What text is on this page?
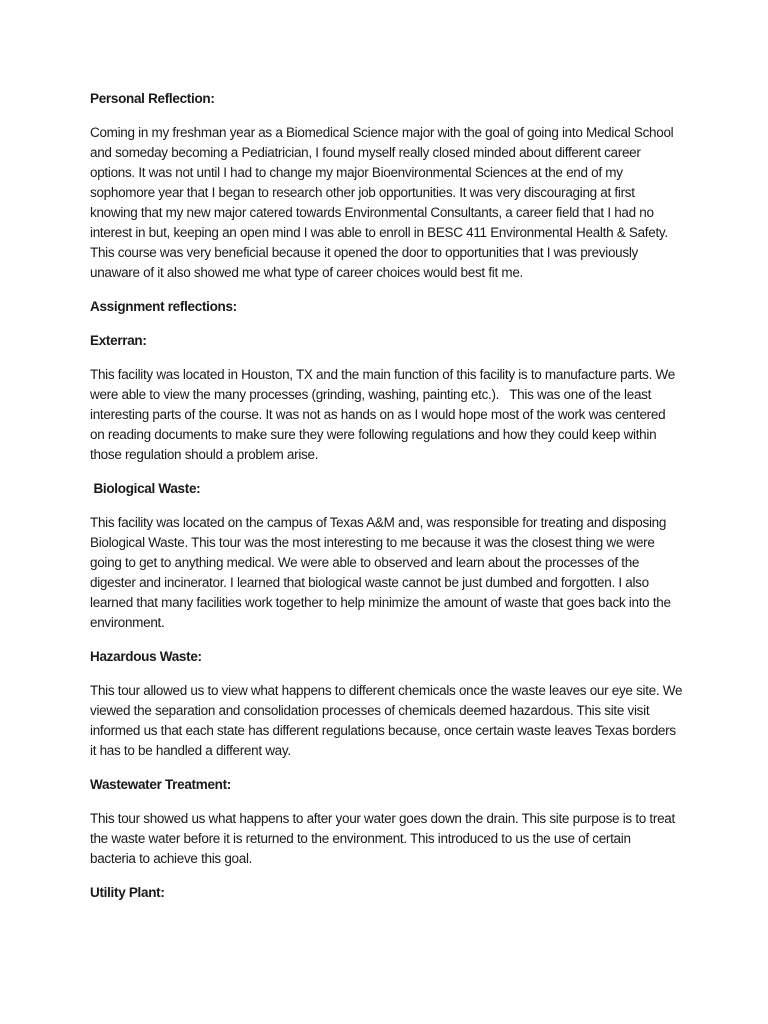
Personal Reflection:
Coming in my freshman year as a Biomedical Science major with the goal of going into Medical School
and someday becoming a Pediatrician, I found myself really closed minded about different career
options. It was not until I had to change my major Bioenvironmental Sciences at the end of my
sophomore year that I began to research other job opportunities. It was very discouraging at first
knowing that my new major catered towards Environmental Consultants, a career field that I had no
interest in but, keeping an open mind I was able to enroll in BESC 411 Environmental Health & Safety.
This course was very beneficial because it opened the door to opportunities that I was previously
unaware of it also showed me what type of career choices would best fit me.
Assignment reflections:
Exterran:
This facility was located in Houston, TX and the main function of this facility is to manufacture parts. We
were able to view the many processes (grinding, washing, painting etc.).   This was one of the least
interesting parts of the course. It was not as hands on as I would hope most of the work was centered
on reading documents to make sure they were following regulations and how they could keep within
those regulation should a problem arise.
Biological Waste:
This facility was located on the campus of Texas A&M and, was responsible for treating and disposing
Biological Waste. This tour was the most interesting to me because it was the closest thing we were
going to get to anything medical. We were able to observed and learn about the processes of the
digester and incinerator. I learned that biological waste cannot be just dumbed and forgotten. I also
learned that many facilities work together to help minimize the amount of waste that goes back into the
environment.
Hazardous Waste:
This tour allowed us to view what happens to different chemicals once the waste leaves our eye site. We
viewed the separation and consolidation processes of chemicals deemed hazardous. This site visit
informed us that each state has different regulations because, once certain waste leaves Texas borders
it has to be handled a different way.
Wastewater Treatment:
This tour showed us what happens to after your water goes down the drain. This site purpose is to treat
the waste water before it is returned to the environment. This introduced to us the use of certain
bacteria to achieve this goal.
Utility Plant:
